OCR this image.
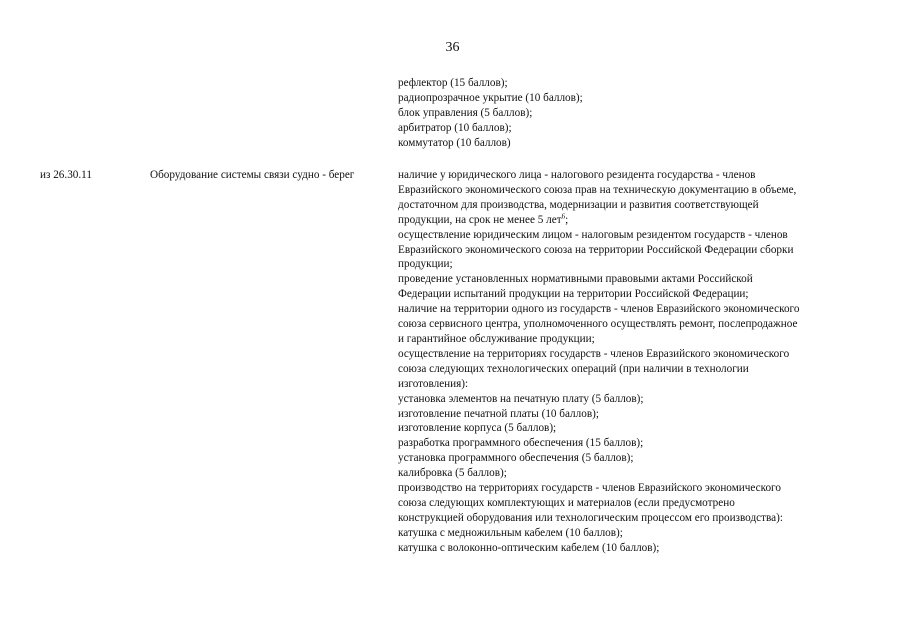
36
рефлектор (15 баллов);
радиопрозрачное укрытие (10 баллов);
блок управления (5 баллов);
арбитратор (10 баллов);
коммутатор (10 баллов)
из 26.30.11	Оборудование системы связи судно - берег	наличие у юридического лица - налогового резидента государства - членов
Евразийского экономического союза прав на техническую документацию в объеме,
достаточном для производства, модернизации и развития соответствующей
продукции, на срок не менее 5 лет$^6$;
осуществление юридическим лицом - налоговым резидентом государств - членов
Евразийского экономического союза на территории Российской Федерации сборки
продукции;
проведение установленных нормативными правовыми актами Российской
Федерации испытаний продукции на территории Российской Федерации;
наличие на территории одного из государств - членов Евразийского экономического
союза сервисного центра, уполномоченного осуществлять ремонт, послепродажное
и гарантийное обслуживание продукции;
осуществление на территориях государств - членов Евразийского экономического
союза следующих технологических операций (при наличии в технологии
изготовления):
установка элементов на печатную плату (5 баллов);
изготовление печатной платы (10 баллов);
изготовление корпуса (5 баллов);
разработка программного обеспечения (15 баллов);
установка программного обеспечения (5 баллов);
калибровка (5 баллов);
производство на территориях государств - членов Евразийского экономического
союза следующих комплектующих и материалов (если предусмотрено
конструкцией оборудования или технологическим процессом его производства):
катушка с медножильным кабелем (10 баллов);
катушка с волоконно-оптическим кабелем (10 баллов);
